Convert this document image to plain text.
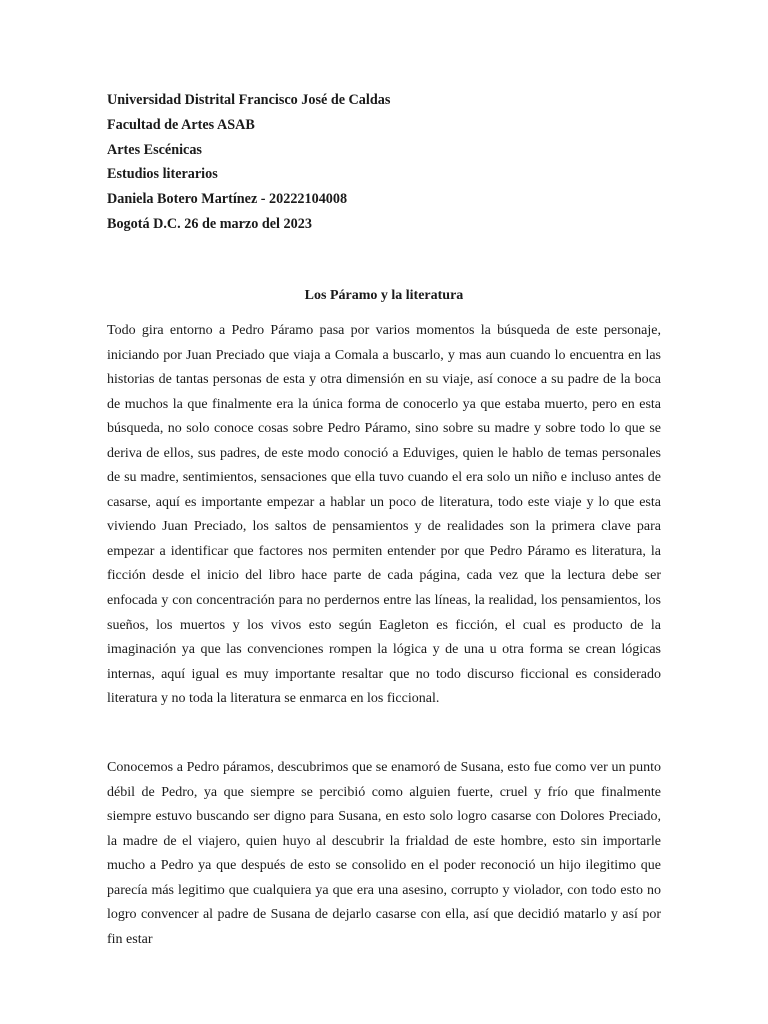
Universidad Distrital Francisco José de Caldas
Facultad de Artes ASAB
Artes Escénicas
Estudios literarios
Daniela Botero Martínez - 20222104008
Bogotá D.C. 26 de marzo del 2023
Los Páramo y la literatura

Todo gira entorno a Pedro Páramo pasa por varios momentos la búsqueda de este personaje, iniciando por Juan Preciado que viaja a Comala a buscarlo, y mas aun cuando lo encuentra en las historias de tantas personas de esta y otra dimensión en su viaje, así conoce a su padre de la boca de muchos la que finalmente era la única forma de conocerlo ya que estaba muerto, pero en esta búsqueda, no solo conoce cosas sobre Pedro Páramo, sino sobre su madre y sobre todo lo que se deriva de ellos, sus padres, de este modo conoció a Eduviges, quien le hablo de temas personales de su madre, sentimientos, sensaciones que ella tuvo cuando el era solo un niño e incluso antes de casarse, aquí es importante empezar a hablar un poco de literatura, todo este viaje y lo que esta viviendo Juan Preciado, los saltos de pensamientos y de realidades son la primera clave para empezar a identificar que factores nos permiten entender por que Pedro Páramo es literatura, la ficción desde el inicio del libro hace parte de cada página, cada vez que la lectura debe ser enfocada y con concentración para no perdernos entre las líneas, la realidad, los pensamientos, los sueños, los muertos y los vivos esto según Eagleton es ficción, el cual es producto de la imaginación ya que las convenciones rompen la lógica y de una u otra forma se crean lógicas internas, aquí igual es muy importante resaltar que no todo discurso ficcional es considerado literatura y no toda la literatura se enmarca en los ficcional.

Conocemos a Pedro páramos, descubrimos que se enamoró de Susana, esto fue como ver un punto débil de Pedro, ya que siempre se percibió como alguien fuerte, cruel y frío que finalmente siempre estuvo buscando ser digno para Susana, en esto solo logro casarse con Dolores Preciado, la madre de el viajero, quien huyo al descubrir la frialdad de este hombre, esto sin importarle mucho a Pedro ya que después de esto se consolido en el poder reconoció un hijo ilegitimo que parecía más legitimo que cualquiera ya que era una asesino, corrupto y violador, con todo esto no logro convencer al padre de Susana de dejarlo casarse con ella, así que decidió matarlo y así por fin estar
